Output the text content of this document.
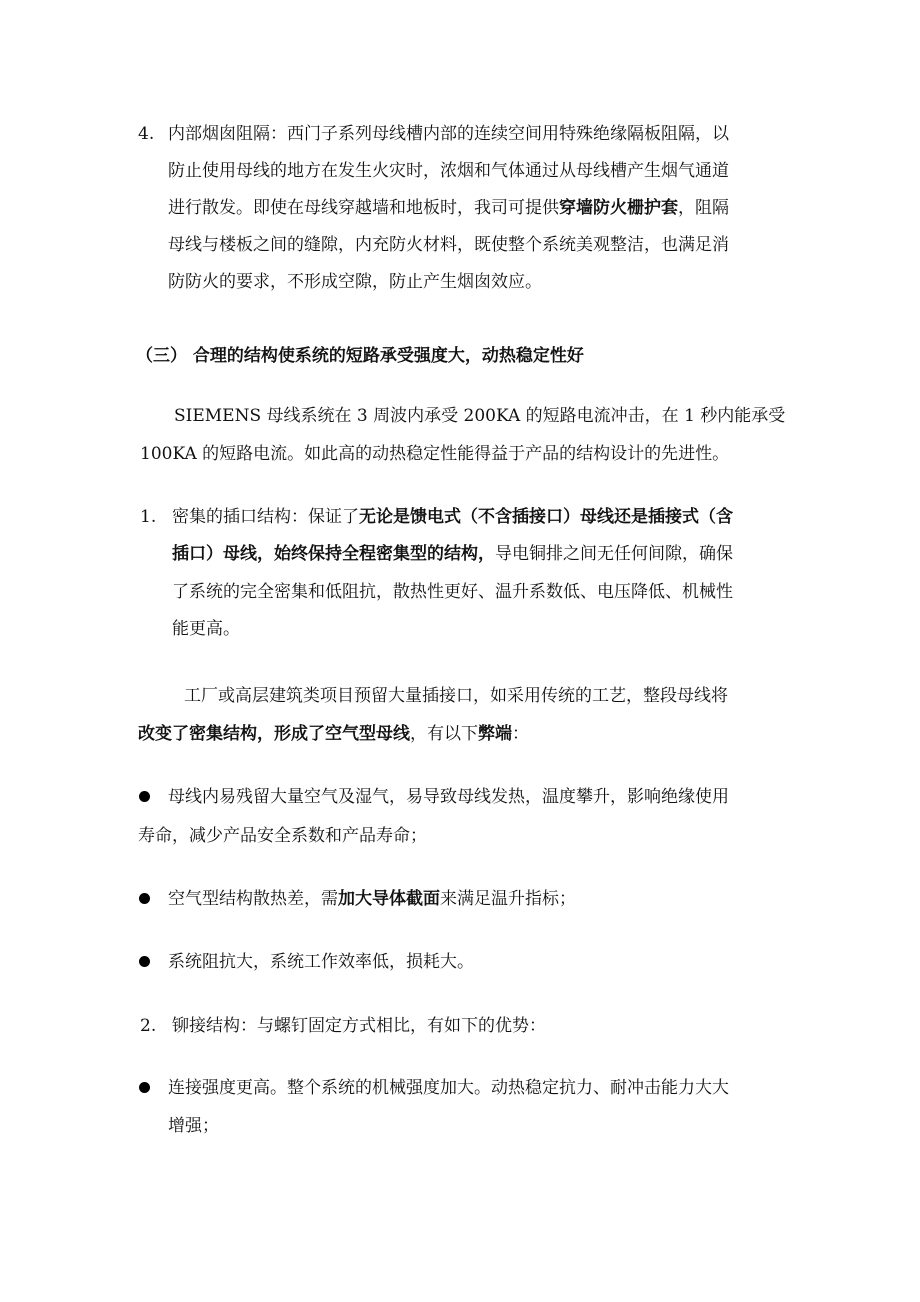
4. 内部烟囱阻隔：西门子系列母线槽内部的连续空间用特殊绝缘隔板阻隔，以
防止使用母线的地方在发生火灾时，浓烟和气体通过从母线槽产生烟气通道
进行散发。即使在母线穿越墙和地板时，我司可提供穿墙防火栅护套，阻隔
母线与楼板之间的缝隙，内充防火材料，既使整个系统美观整洁，也满足消
防防火的要求，不形成空隙，防止产生烟囱效应。
（三） 合理的结构使系统的短路承受强度大，动热稳定性好
SIEMENS 母线系统在 3 周波内承受 200KA 的短路电流冲击，在 1 秒内能承受
100KA 的短路电流。如此高的动热稳定性能得益于产品的结构设计的先进性。
1. 密集的插口结构：保证了无论是馈电式（不含插接口）母线还是插接式（含
插口）母线，始终保持全程密集型的结构，导电铜排之间无任何间隙，确保
了系统的完全密集和低阻抗，散热性更好、温升系数低、电压降低、机械性
能更高。
工厂或高层建筑类项目预留大量插接口，如采用传统的工艺，整段母线将
改变了密集结构，形成了空气型母线，有以下弊端：
母线内易残留大量空气及湿气，易导致母线发热，温度攀升，影响绝缘使用
寿命，减少产品安全系数和产品寿命；
空气型结构散热差，需加大导体截面来满足温升指标；
系统阻抗大，系统工作效率低，损耗大。
2. 铆接结构：与螺钉固定方式相比，有如下的优势：
连接强度更高。整个系统的机械强度加大。动热稳定抗力、耐冲击能力大大
增强；
